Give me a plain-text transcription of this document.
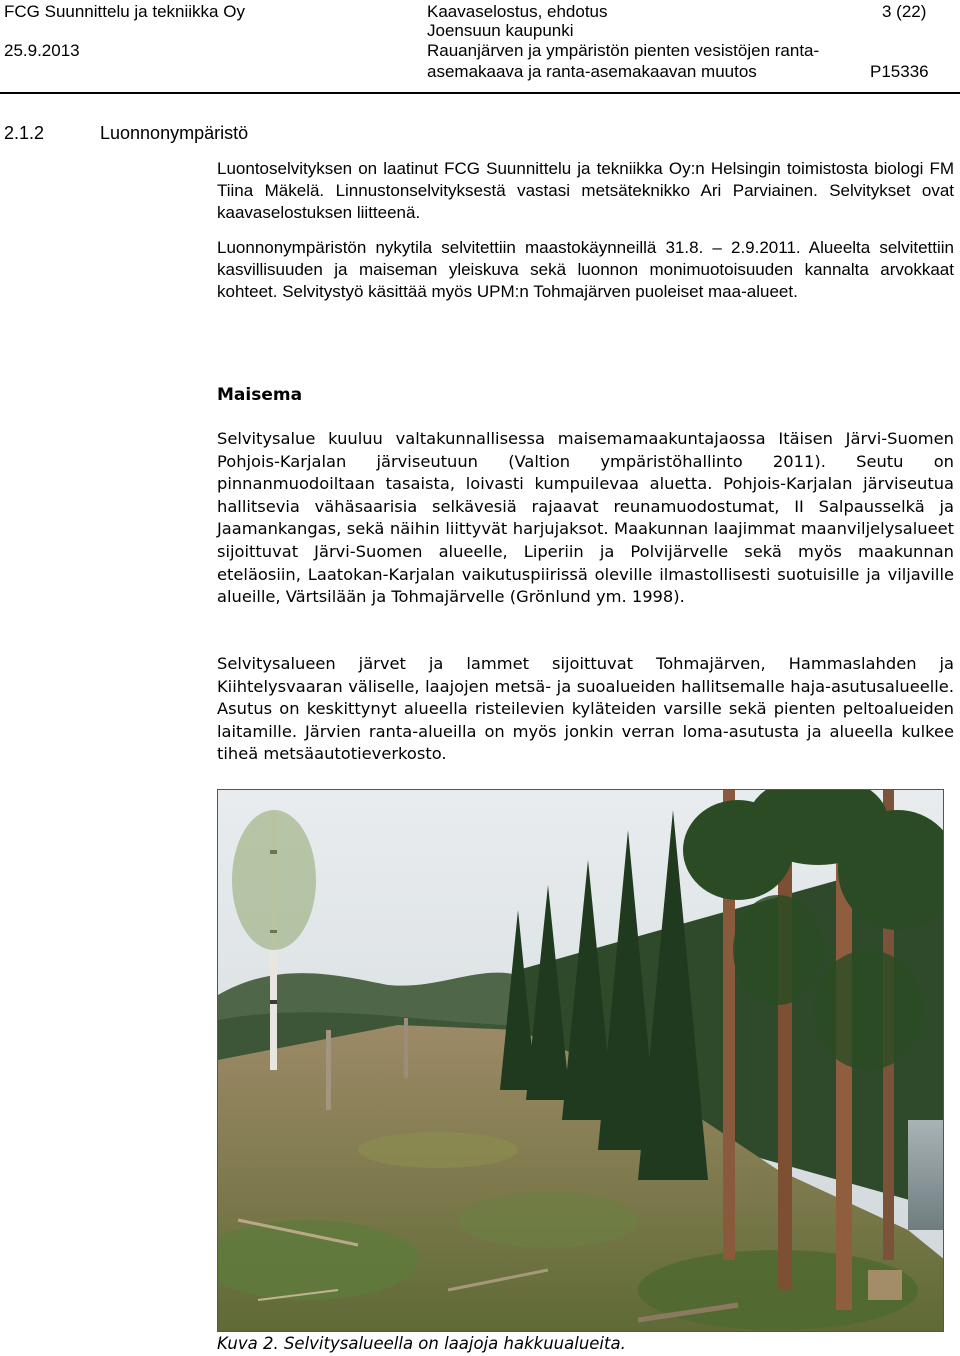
FCG Suunnittelu ja tekniikka Oy
25.9.2013
Kaavaselostus, ehdotus
Joensuun kaupunki
Rauanjärven ja ympäristön pienten vesistöjen ranta-
asemakaava ja ranta-asemakaavan muutos	P15336
3 (22)
2.1.2	Luonnonympäristö

Luontoselvityksen on laatinut FCG Suunnittelu ja tekniikka Oy:n Helsingin toimistosta biologi FM Tiina Mäkelä. Linnustonselvityksestä vastasi metsäteknikko Ari Parviainen. Selvitykset ovat kaavaselostuksen liitteenä.

Luonnonympäristön nykytila selvitettiin maastokäynneillä 31.8. – 2.9.2011. Alueelta selvitettiin kasvillisuuden ja maiseman yleiskuva sekä luonnon monimuotoisuuden kannalta arvokkaat kohteet. Selvitystyö käsittää myös UPM:n Tohmajärven puoleiset maa-alueet.

Maisema

Selvitysalue kuuluu valtakunnallisessa maisemamaakuntajaossa Itäisen Järvi-Suomen Pohjois-Karjalan järviseutuun (Valtion ympäristöhallinto 2011). Seutu on pinnanmuodoiltaan tasaista, loivasti kumpuilevaa aluetta. Pohjois-Karjalan järviseutua hallitsevia vähäsaarisia selkävesiä rajaavat reunamuodostumat, II Salpausselkä ja Jaamankangas, sekä näihin liittyvät harjujaksot. Maakunnan laajimmat maanviljelysalueet sijoittuvat Järvi-Suomen alueelle, Liperiin ja Polvijärvelle sekä myös maakunnan eteläosiin, Laatokan-Karjalan vaikutuspiirissä oleville ilmastollisesti suotuisille ja viljaville alueille, Värtsilään ja Tohmajärvelle (Grönlund ym. 1998).

Selvitysalueen järvet ja lammet sijoittuvat Tohmajärven, Hammaslahden ja Kiihtelysvaaran väliselle, laajojen metsä- ja suoalueiden hallitsemalle haja-asutusalueelle. Asutus on keskittynyt alueella risteilevien kyläteiden varsille sekä pienten peltoalueiden laitamille. Järvien ranta-alueilla on myös jonkin verran loma-asutusta ja alueella kulkee tiheä metsäautotieverkosto.

Kuva 2. Selvitysalueella on laajoja hakkuualueita.
